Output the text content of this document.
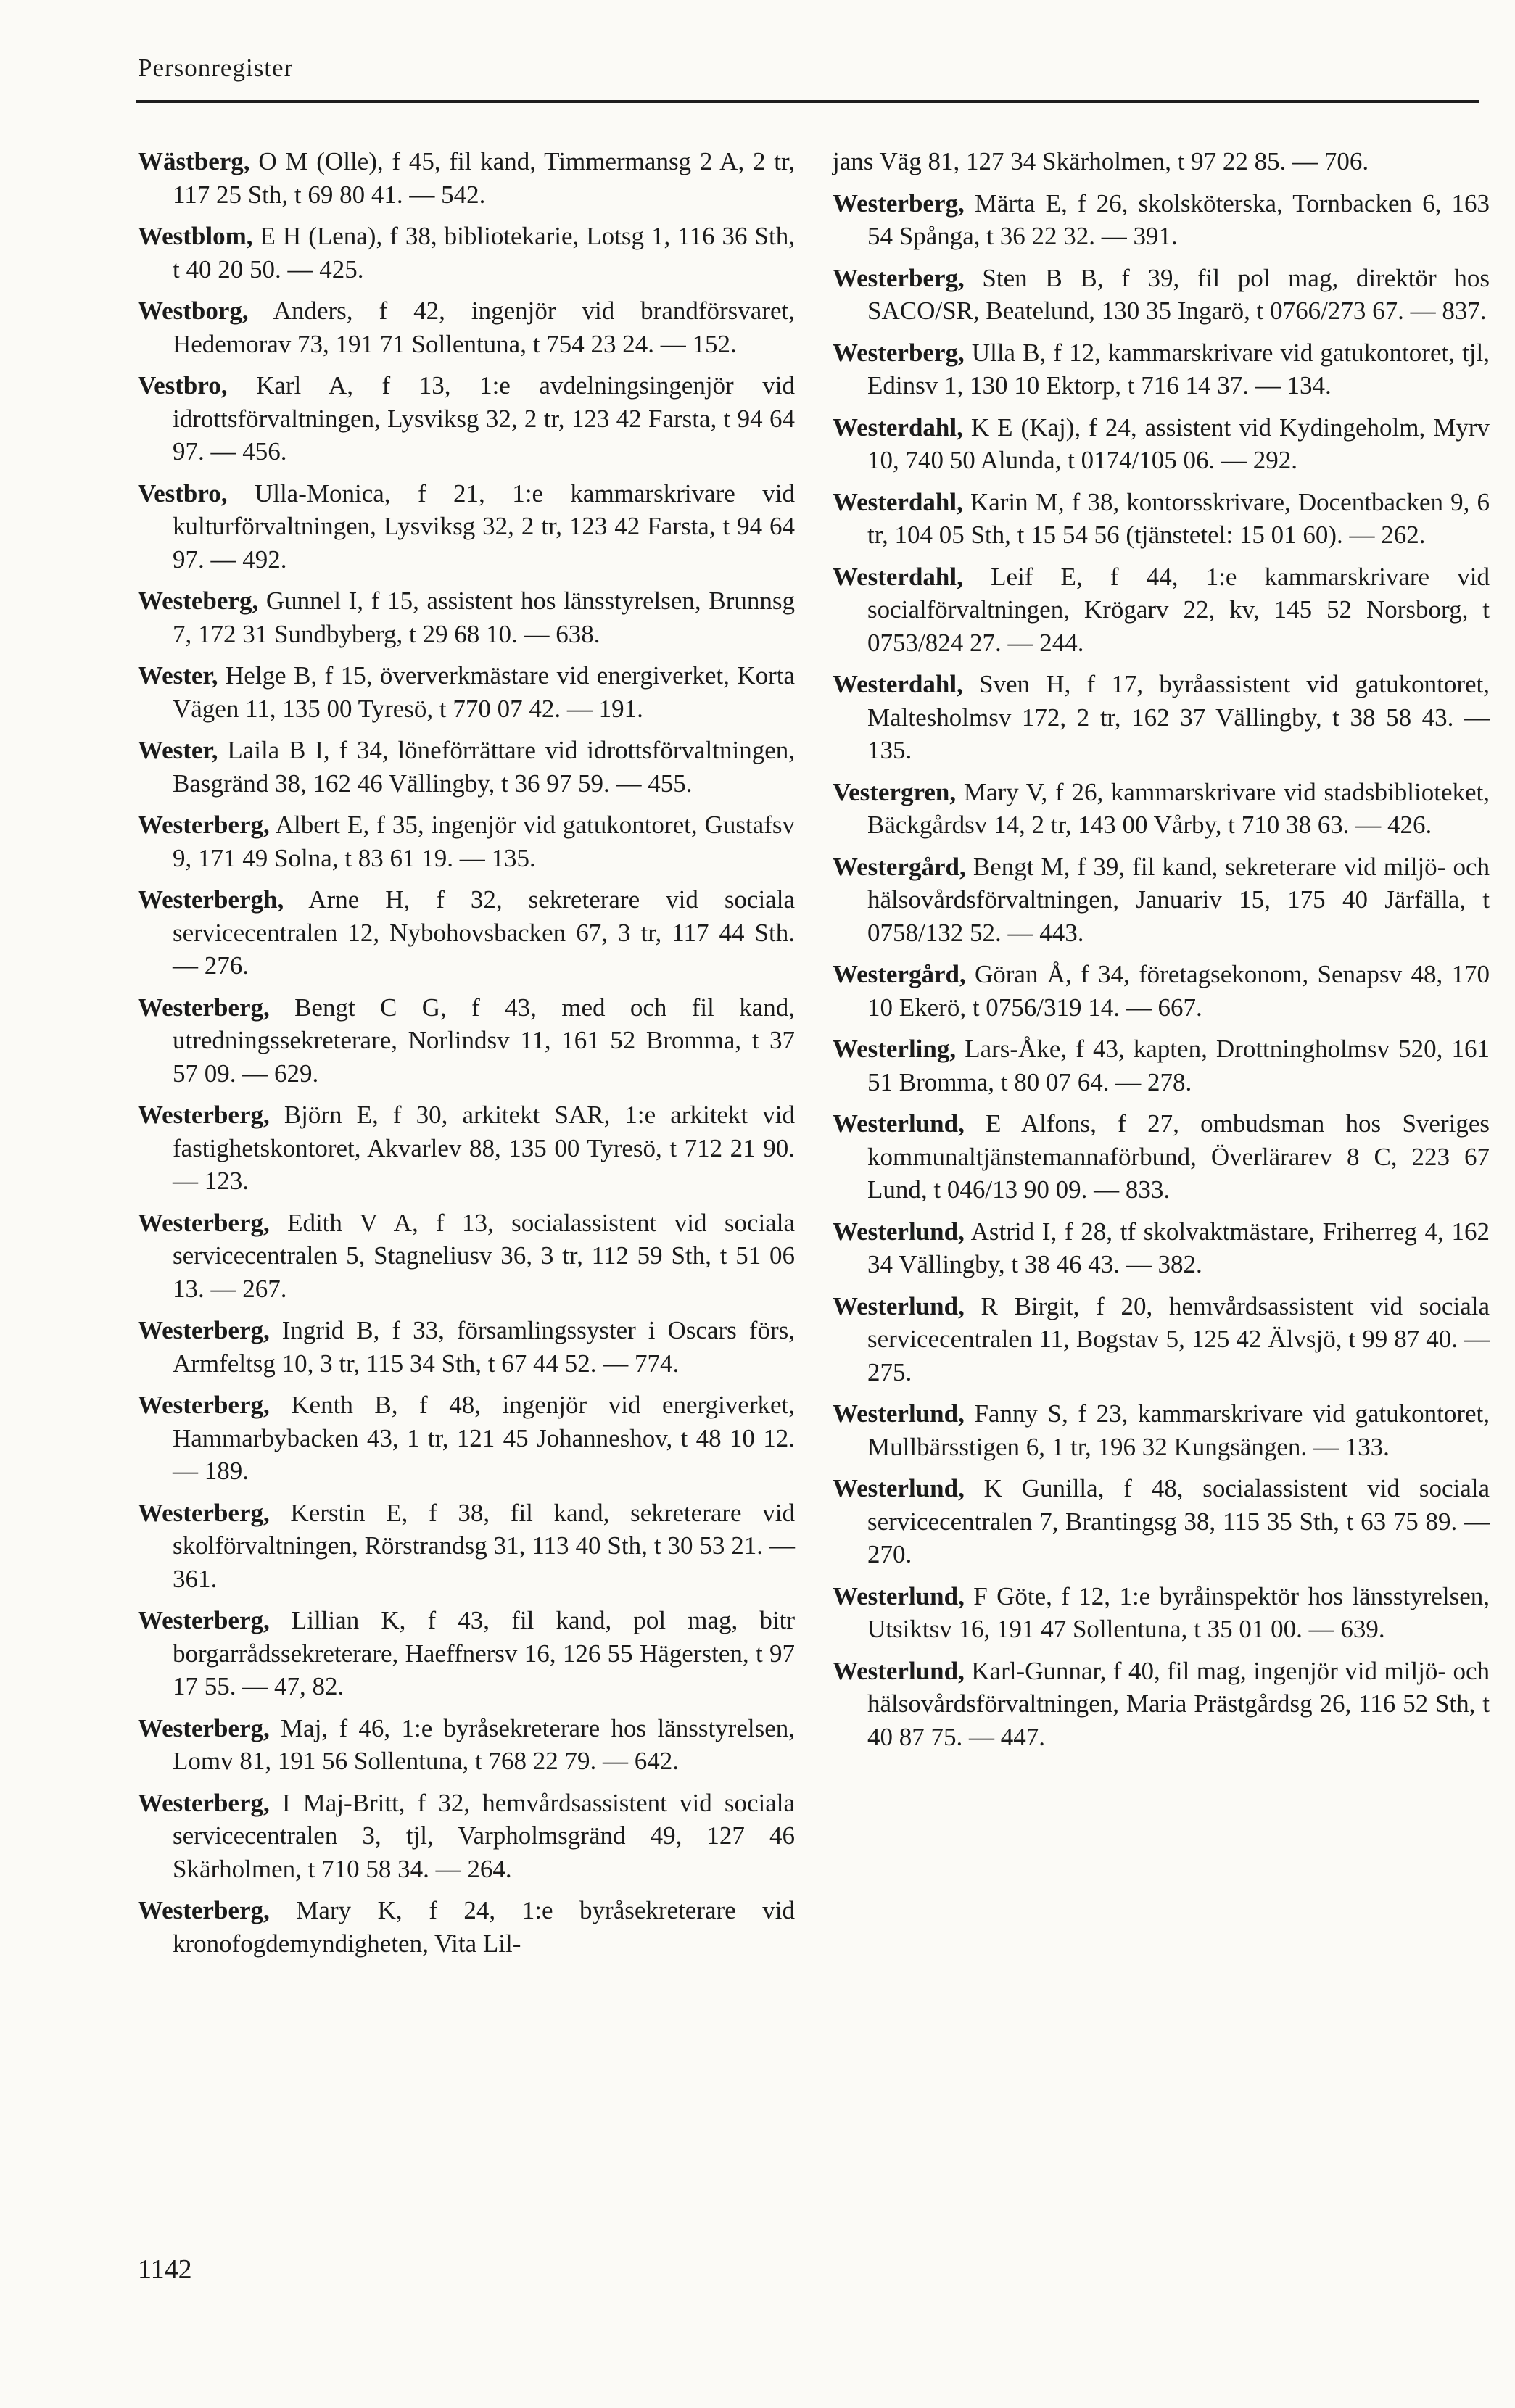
Personregister

Wästberg, O M (Olle), f 45, fil kand, Timmermansg 2 A, 2 tr, 117 25 Sth, t 69 80 41. — 542.

Westblom, E H (Lena), f 38, bibliotekarie, Lotsg 1, 116 36 Sth, t 40 20 50. — 425.

Westborg, Anders, f 42, ingenjör vid brandförsvaret, Hedemorav 73, 191 71 Sollentuna, t 754 23 24. — 152.

Vestbro, Karl A, f 13, 1:e avdelningsingenjör vid idrottsförvaltningen, Lysviksg 32, 2 tr, 123 42 Farsta, t 94 64 97. — 456.

Vestbro, Ulla-Monica, f 21, 1:e kammarskrivare vid kulturförvaltningen, Lysviksg 32, 2 tr, 123 42 Farsta, t 94 64 97. — 492.

Westeberg, Gunnel I, f 15, assistent hos länsstyrelsen, Brunnsg 7, 172 31 Sundbyberg, t 29 68 10. — 638.

Wester, Helge B, f 15, öververkmästare vid energiverket, Korta Vägen 11, 135 00 Tyresö, t 770 07 42. — 191.

Wester, Laila B I, f 34, löneförrättare vid idrottsförvaltningen, Basgränd 38, 162 46 Vällingby, t 36 97 59. — 455.

Westerberg, Albert E, f 35, ingenjör vid gatukontoret, Gustafsv 9, 171 49 Solna, t 83 61 19. — 135.

Westerbergh, Arne H, f 32, sekreterare vid sociala servicecentralen 12, Nybohovsbacken 67, 3 tr, 117 44 Sth. — 276.

Westerberg, Bengt C G, f 43, med och fil kand, utredningssekreterare, Norlindsv 11, 161 52 Bromma, t 37 57 09. — 629.

Westerberg, Björn E, f 30, arkitekt SAR, 1:e arkitekt vid fastighetskontoret, Akvarlev 88, 135 00 Tyresö, t 712 21 90. — 123.

Westerberg, Edith V A, f 13, socialassistent vid sociala servicecentralen 5, Stagneliusv 36, 3 tr, 112 59 Sth, t 51 06 13. — 267.

Westerberg, Ingrid B, f 33, församlingssyster i Oscars förs, Armfeltsg 10, 3 tr, 115 34 Sth, t 67 44 52. — 774.

Westerberg, Kenth B, f 48, ingenjör vid energiverket, Hammarbybacken 43, 1 tr, 121 45 Johanneshov, t 48 10 12. — 189.

Westerberg, Kerstin E, f 38, fil kand, sekreterare vid skolförvaltningen, Rörstrandsg 31, 113 40 Sth, t 30 53 21. — 361.

Westerberg, Lillian K, f 43, fil kand, pol mag, bitr borgarrådssekreterare, Haeffnersv 16, 126 55 Hägersten, t 97 17 55. — 47, 82.

Westerberg, Maj, f 46, 1:e byråsekreterare hos länsstyrelsen, Lomv 81, 191 56 Sollentuna, t 768 22 79. — 642.

Westerberg, I Maj-Britt, f 32, hemvårdsassistent vid sociala servicecentralen 3, tjl, Varpholmsgränd 49, 127 46 Skärholmen, t 710 58 34. — 264.

Westerberg, Mary K, f 24, 1:e byråsekreterare vid kronofogdemyndigheten, Vita Lil-

jans Väg 81, 127 34 Skärholmen, t 97 22 85. — 706.

Westerberg, Märta E, f 26, skolsköterska, Tornbacken 6, 163 54 Spånga, t 36 22 32. — 391.

Westerberg, Sten B B, f 39, fil pol mag, direktör hos SACO/SR, Beatelund, 130 35 Ingarö, t 0766/273 67. — 837.

Westerberg, Ulla B, f 12, kammarskrivare vid gatukontoret, tjl, Edinsv 1, 130 10 Ektorp, t 716 14 37. — 134.

Westerdahl, K E (Kaj), f 24, assistent vid Kydingeholm, Myrv 10, 740 50 Alunda, t 0174/105 06. — 292.

Westerdahl, Karin M, f 38, kontorsskrivare, Docentbacken 9, 6 tr, 104 05 Sth, t 15 54 56 (tjänstetel: 15 01 60). — 262.

Westerdahl, Leif E, f 44, 1:e kammarskrivare vid socialförvaltningen, Krögarv 22, kv, 145 52 Norsborg, t 0753/824 27. — 244.

Westerdahl, Sven H, f 17, byråassistent vid gatukontoret, Maltesholmsv 172, 2 tr, 162 37 Vällingby, t 38 58 43. — 135.

Vestergren, Mary V, f 26, kammarskrivare vid stadsbiblioteket, Bäckgårdsv 14, 2 tr, 143 00 Vårby, t 710 38 63. — 426.

Westergård, Bengt M, f 39, fil kand, sekreterare vid miljö- och hälsovårdsförvaltningen, Januariv 15, 175 40 Järfälla, t 0758/132 52. — 443.

Westergård, Göran Å, f 34, företagsekonom, Senapsv 48, 170 10 Ekerö, t 0756/319 14. — 667.

Westerling, Lars-Åke, f 43, kapten, Drottningholmsv 520, 161 51 Bromma, t 80 07 64. — 278.

Westerlund, E Alfons, f 27, ombudsman hos Sveriges kommunaltjänstemannaförbund, Överlärarev 8 C, 223 67 Lund, t 046/13 90 09. — 833.

Westerlund, Astrid I, f 28, tf skolvaktmästare, Friherreg 4, 162 34 Vällingby, t 38 46 43. — 382.

Westerlund, R Birgit, f 20, hemvårdsassistent vid sociala servicecentralen 11, Bogstav 5, 125 42 Älvsjö, t 99 87 40. — 275.

Westerlund, Fanny S, f 23, kammarskrivare vid gatukontoret, Mullbärsstigen 6, 1 tr, 196 32 Kungsängen. — 133.

Westerlund, K Gunilla, f 48, socialassistent vid sociala servicecentralen 7, Brantingsg 38, 115 35 Sth, t 63 75 89. — 270.

Westerlund, F Göte, f 12, 1:e byråinspektör hos länsstyrelsen, Utsiktsv 16, 191 47 Sollentuna, t 35 01 00. — 639.

Westerlund, Karl-Gunnar, f 40, fil mag, ingenjör vid miljö- och hälsovårdsförvaltningen, Maria Prästgårdsg 26, 116 52 Sth, t 40 87 75. — 447.

1142
